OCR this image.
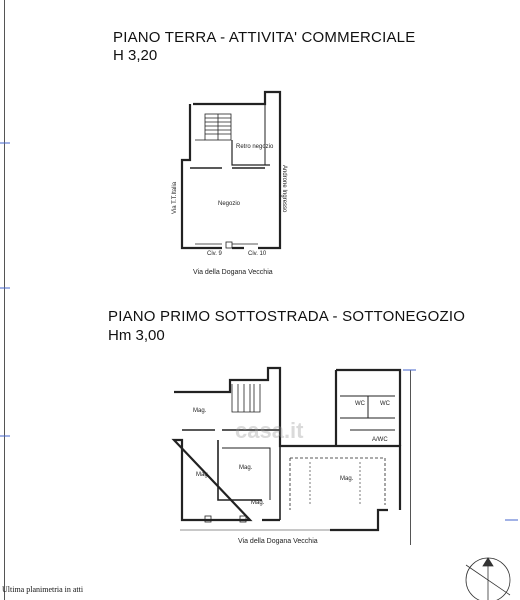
PIANO TERRA - ATTIVITA' COMMERCIALE
H 3,20
Retro negozio
Negozio
Via T.T.Italia	Androne Ingresso
Civ. 9	Civ. 10
Via della Dogana Vecchia
PIANO PRIMO SOTTOSTRADA - SOTTONEGOZIO
Hm 3,00
Mag.
Mag.
Mag.
Mag.
Mag.
WC	WC
A/WC
Via della Dogana Vecchia
casa.it
Ultima planimetria in atti
